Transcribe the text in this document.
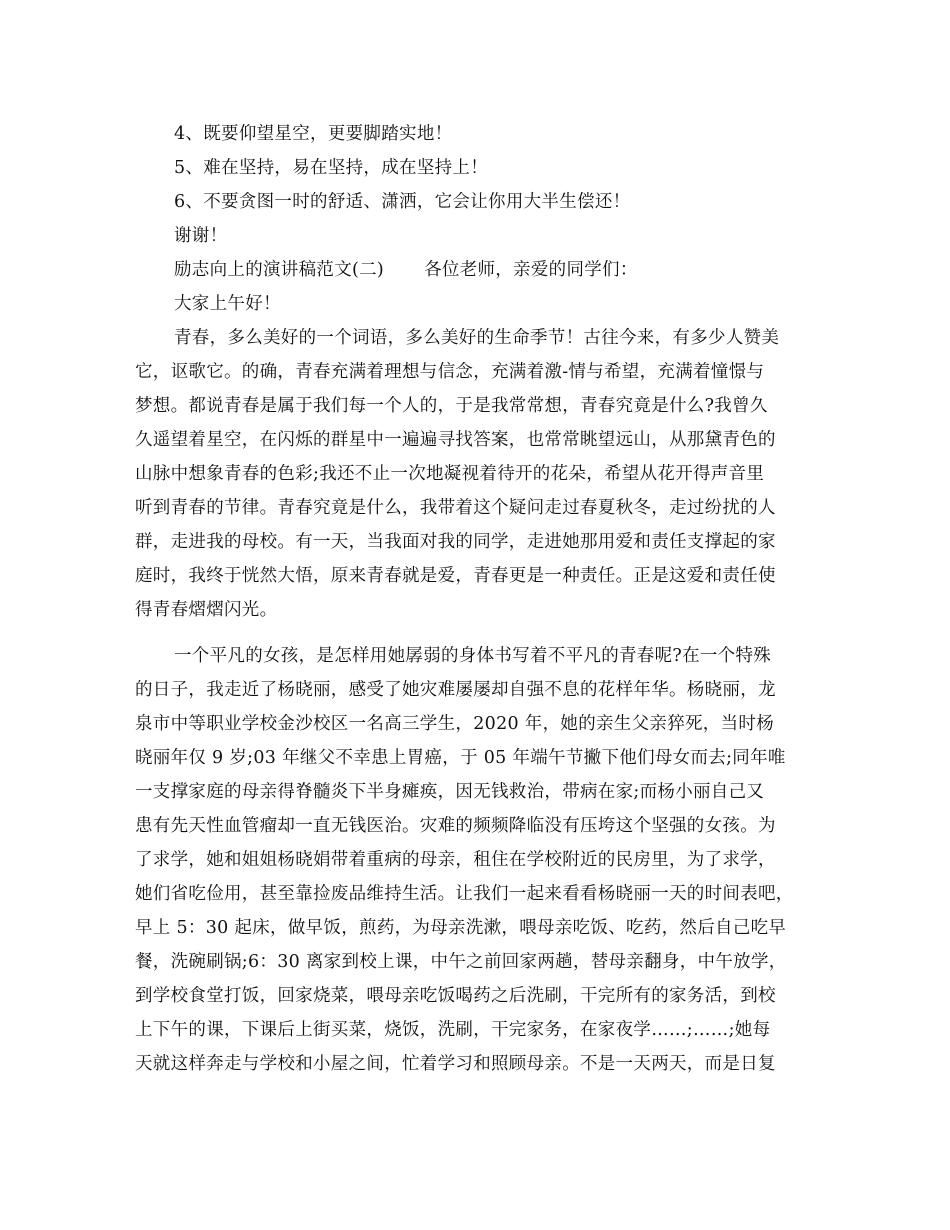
4、既要仰望星空，更要脚踏实地！
5、难在坚持，易在坚持，成在坚持上！
6、不要贪图一时的舒适、潇洒，它会让你用大半生偿还！
谢谢！
励志向上的演讲稿范文(二) 各位老师，亲爱的同学们：
大家上午好！
青春，多么美好的一个词语，多么美好的生命季节！古往今来，有多少人赞美
它，讴歌它。的确，青春充满着理想与信念，充满着激-情与希望，充满着憧憬与
梦想。都说青春是属于我们每一个人的，于是我常常想，青春究竟是什么?我曾久
久遥望着星空，在闪烁的群星中一遍遍寻找答案，也常常眺望远山，从那黛青色的
山脉中想象青春的色彩;我还不止一次地凝视着待开的花朵，希望从花开得声音里
听到青春的节律。青春究竟是什么，我带着这个疑问走过春夏秋冬，走过纷扰的人
群，走进我的母校。有一天，当我面对我的同学，走进她那用爱和责任支撑起的家
庭时，我终于恍然大悟，原来青春就是爱，青春更是一种责任。正是这爱和责任使
得青春熠熠闪光。
一个平凡的女孩，是怎样用她孱弱的身体书写着不平凡的青春呢?在一个特殊
的日子，我走近了杨晓丽，感受了她灾难屡屡却自强不息的花样年华。杨晓丽，龙
泉市中等职业学校金沙校区一名高三学生，2020 年，她的亲生父亲猝死，当时杨
晓丽年仅 9 岁;03 年继父不幸患上胃癌，于 05 年端午节撇下他们母女而去;同年唯
一支撑家庭的母亲得脊髓炎下半身瘫痪，因无钱救治，带病在家;而杨小丽自己又
患有先天性血管瘤却一直无钱医治。灾难的频频降临没有压垮这个坚强的女孩。为
了求学，她和姐姐杨晓娟带着重病的母亲，租住在学校附近的民房里，为了求学，
她们省吃俭用，甚至靠捡废品维持生活。让我们一起来看看杨晓丽一天的时间表吧，
早上 5：30 起床，做早饭，煎药，为母亲洗漱，喂母亲吃饭、吃药，然后自己吃早
餐，洗碗刷锅;6：30 离家到校上课，中午之前回家两趟，替母亲翻身，中午放学，
到学校食堂打饭，回家烧菜，喂母亲吃饭喝药之后洗刷，干完所有的家务活，到校
上下午的课，下课后上街买菜，烧饭，洗刷，干完家务，在家夜学……;……;她每
天就这样奔走与学校和小屋之间，忙着学习和照顾母亲。不是一天两天，而是日复
